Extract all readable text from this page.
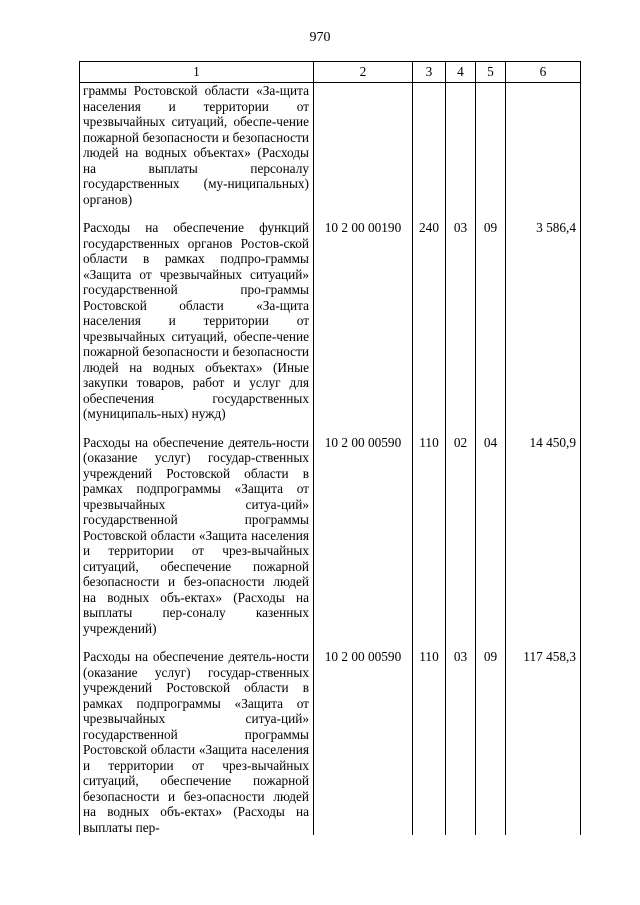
970
1	2	3	4	5	6
граммы Ростовской области «За-щита населения и территории от чрезвычайных ситуаций, обеспе-чение пожарной безопасности и безопасности людей на водных объектах» (Расходы на выплаты персоналу государственных (му-ниципальных) органов)					

Расходы на обеспечение функций государственных органов Ростов-ской области в рамках подпро-граммы «Защита от чрезвычайных ситуаций» государственной про-граммы Ростовской области «За-щита населения и территории от чрезвычайных ситуаций, обеспе-чение пожарной безопасности и безопасности людей на водных объектах» (Иные закупки товаров, работ и услуг для обеспечения государственных (муниципаль-ных) нужд)	10 2 00 00190	240	03	09	3 586,4

Расходы на обеспечение деятель-ности (оказание услуг) государ-ственных учреждений Ростовской области в рамках подпрограммы «Защита от чрезвычайных ситуа-ций» государственной программы Ростовской области «Защита населения и территории от чрез-вычайных ситуаций, обеспечение пожарной безопасности и без-опасности людей на водных объ-ектах» (Расходы на выплаты пер-соналу казенных учреждений)	10 2 00 00590	110	02	04	14 450,9

Расходы на обеспечение деятель-ности (оказание услуг) государ-ственных учреждений Ростовской области в рамках подпрограммы «Защита от чрезвычайных ситуа-ций» государственной программы Ростовской области «Защита населения и территории от чрез-вычайных ситуаций, обеспечение пожарной безопасности и без-опасности людей на водных объ-ектах» (Расходы на выплаты пер-	10 2 00 00590	110	03	09	117 458,3
